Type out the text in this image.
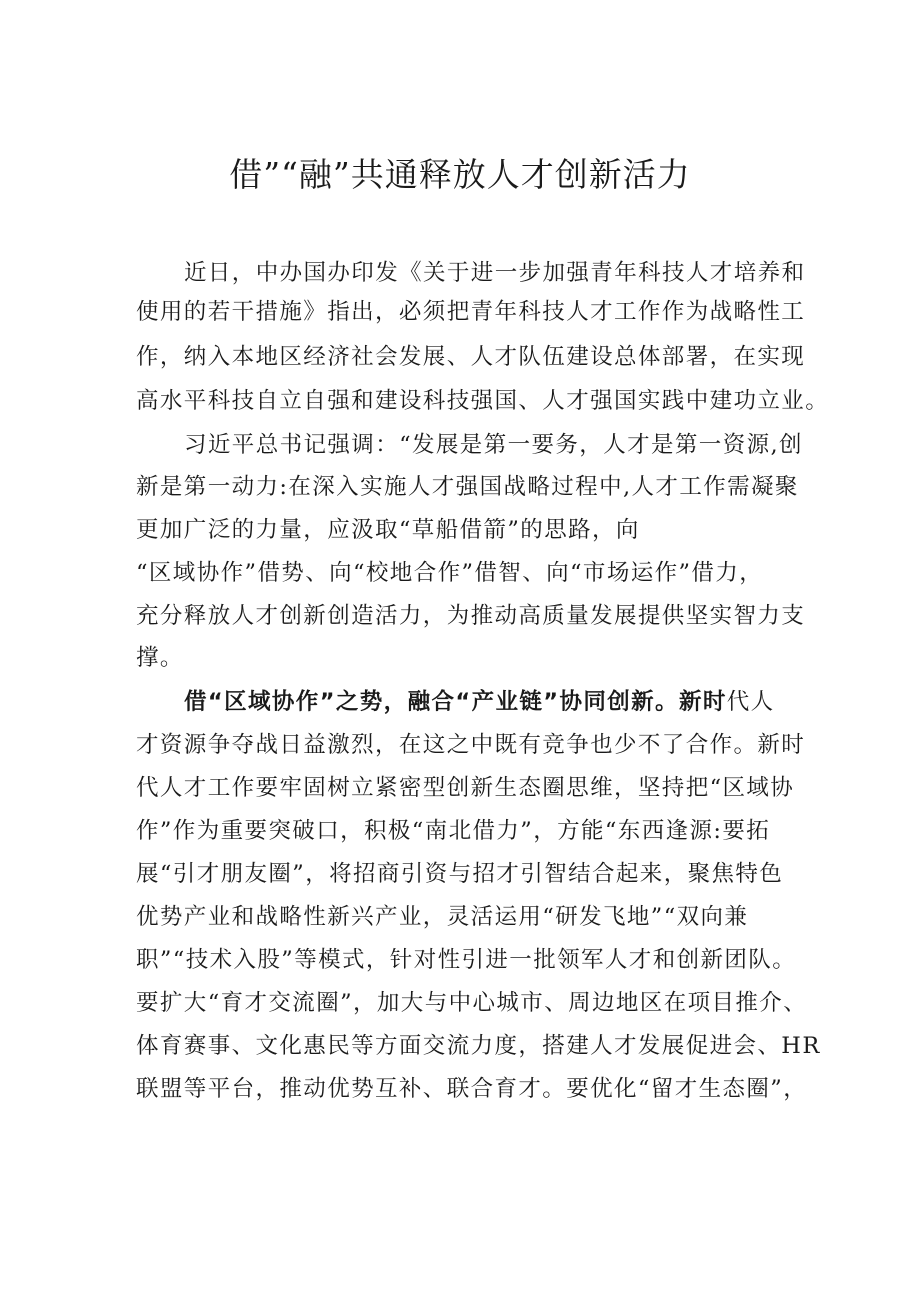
借”“融”共通释放人才创新活力

近日，中办国办印发《关于进一步加强青年科技人才培养和

使用的若干措施》指出，必须把青年科技人才工作作为战略性工

作，纳入本地区经济社会发展、人才队伍建设总体部署，在实现

高水平科技自立自强和建设科技强国、人才强国实践中建功立业。

习近平总书记强调：“发展是第一要务，人才是第一资源,创

新是第一动力:在深入实施人才强国战略过程中,人才工作需凝聚

更加广泛的力量，应汲取“草船借箭”的思路，向

“区域协作”借势、向“校地合作”借智、向“市场运作”借力，

充分释放人才创新创造活力，为推动高质量发展提供坚实智力支

撑。

借“区域协作”之势，融合“产业链”协同创新。新时代人

才资源争夺战日益激烈，在这之中既有竞争也少不了合作。新时

代人才工作要牢固树立紧密型创新生态圈思维，坚持把“区域协

作”作为重要突破口，积极“南北借力”，方能“东西逢源:要拓

展“引才朋友圈”，将招商引资与招才引智结合起来，聚焦特色

优势产业和战略性新兴产业，灵活运用“研发飞地”“双向兼

职”“技术入股”等模式，针对性引进一批领军人才和创新团队。

要扩大“育才交流圈”，加大与中心城市、周边地区在项目推介、

体育赛事、文化惠民等方面交流力度，搭建人才发展促进会、HR

联盟等平台，推动优势互补、联合育才。要优化“留才生态圈”，
